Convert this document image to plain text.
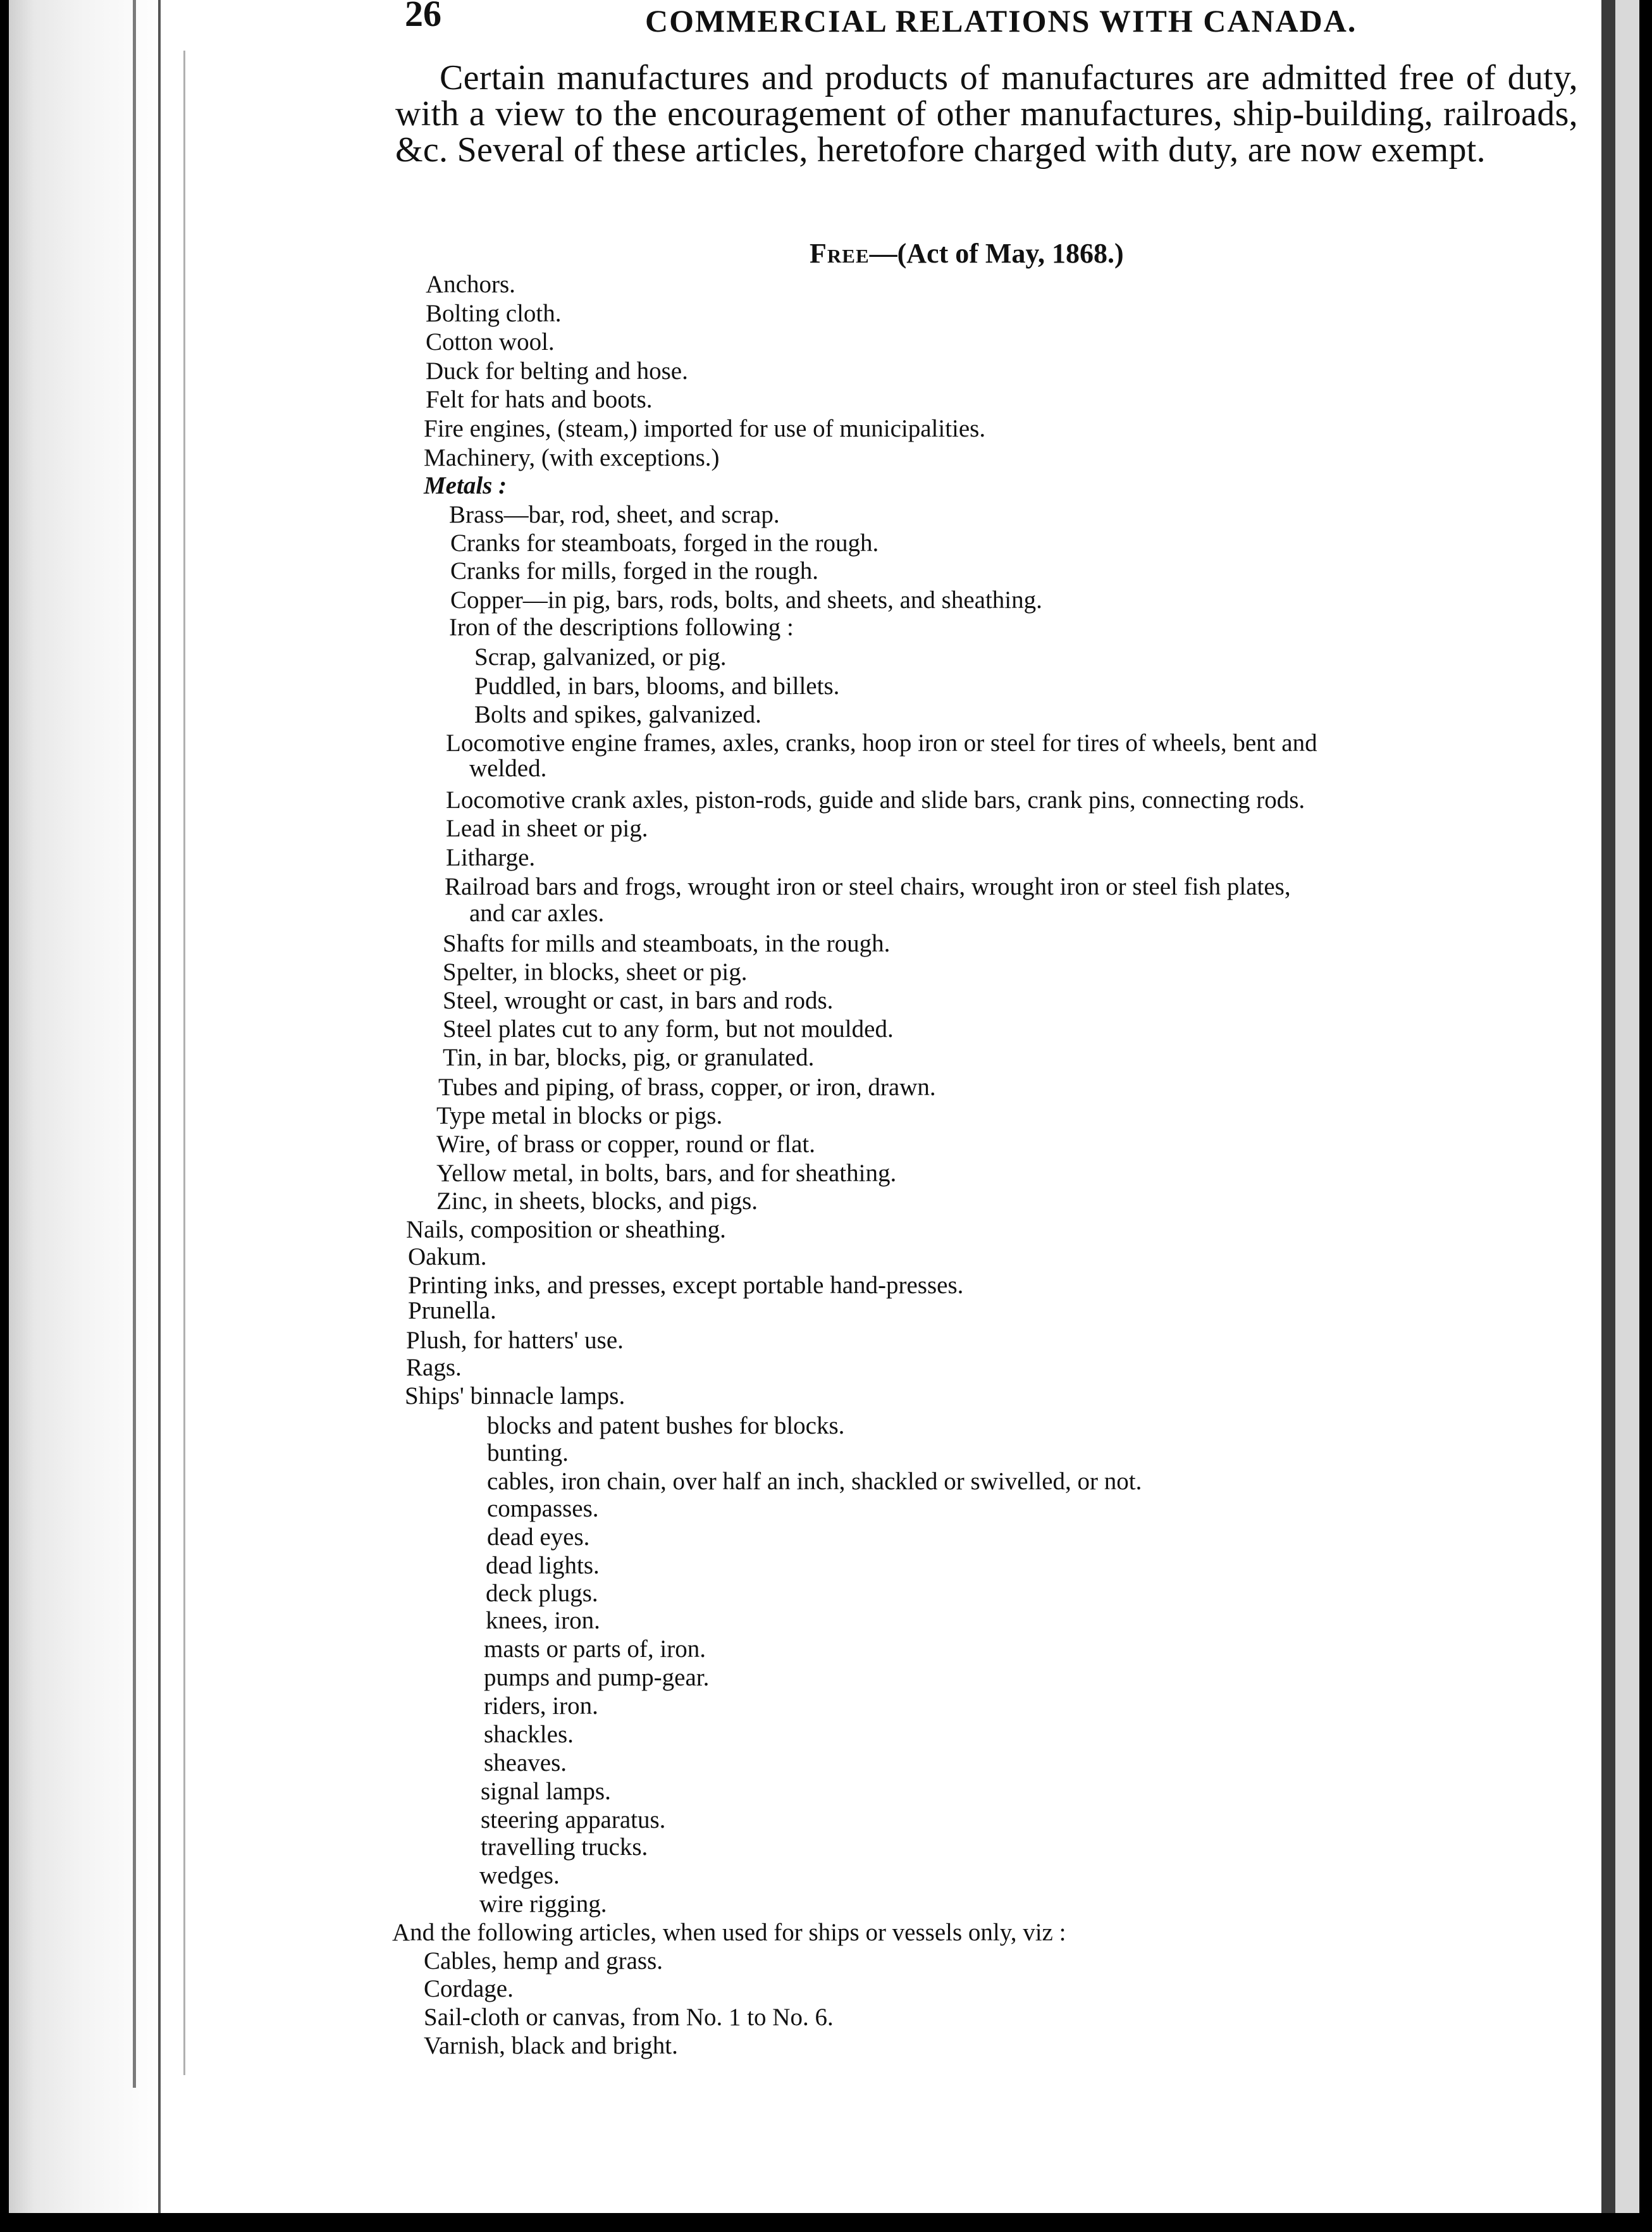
26	COMMERCIAL RELATIONS WITH CANADA.

Certain manufactures and products of manufactures are admitted free of duty, with a view to the encouragement of other manufactures, ship-building, railroads, &c. Several of these articles, heretofore charged with duty, are now exempt.

Free—(Act of May, 1868.)
Anchors.
Bolting cloth.
Cotton wool.
Duck for belting and hose.
Felt for hats and boots.
Fire engines, (steam,) imported for use of municipalities.
Machinery, (with exceptions.)
Metals :
Brass—bar, rod, sheet, and scrap.
Cranks for steamboats, forged in the rough.
Cranks for mills, forged in the rough.
Copper—in pig, bars, rods, bolts, and sheets, and sheathing.
Iron of the descriptions following :
Scrap, galvanized, or pig.
Puddled, in bars, blooms, and billets.
Bolts and spikes, galvanized.
Locomotive engine frames, axles, cranks, hoop iron or steel for tires of wheels, bent and
welded.
Locomotive crank axles, piston-rods, guide and slide bars, crank pins, connecting rods.
Lead in sheet or pig.
Litharge.
Railroad bars and frogs, wrought iron or steel chairs, wrought iron or steel fish plates,
and car axles.
Shafts for mills and steamboats, in the rough.
Spelter, in blocks, sheet or pig.
Steel, wrought or cast, in bars and rods.
Steel plates cut to any form, but not moulded.
Tin, in bar, blocks, pig, or granulated.
Tubes and piping, of brass, copper, or iron, drawn.
Type metal in blocks or pigs.
Wire, of brass or copper, round or flat.
Yellow metal, in bolts, bars, and for sheathing.
Zinc, in sheets, blocks, and pigs.
Nails, composition or sheathing.
Oakum.
Printing inks, and presses, except portable hand-presses.
Prunella.
Plush, for hatters' use.
Rags.
Ships' binnacle lamps.
blocks and patent bushes for blocks.
bunting.
cables, iron chain, over half an inch, shackled or swivelled, or not.
compasses.
dead eyes.
dead lights.
deck plugs.
knees, iron.
masts or parts of, iron.
pumps and pump-gear.
riders, iron.
shackles.
sheaves.
signal lamps.
steering apparatus.
travelling trucks.
wedges.
wire rigging.
And the following articles, when used for ships or vessels only, viz :
Cables, hemp and grass.
Cordage.
Sail-cloth or canvas, from No. 1 to No. 6.
Varnish, black and bright.
